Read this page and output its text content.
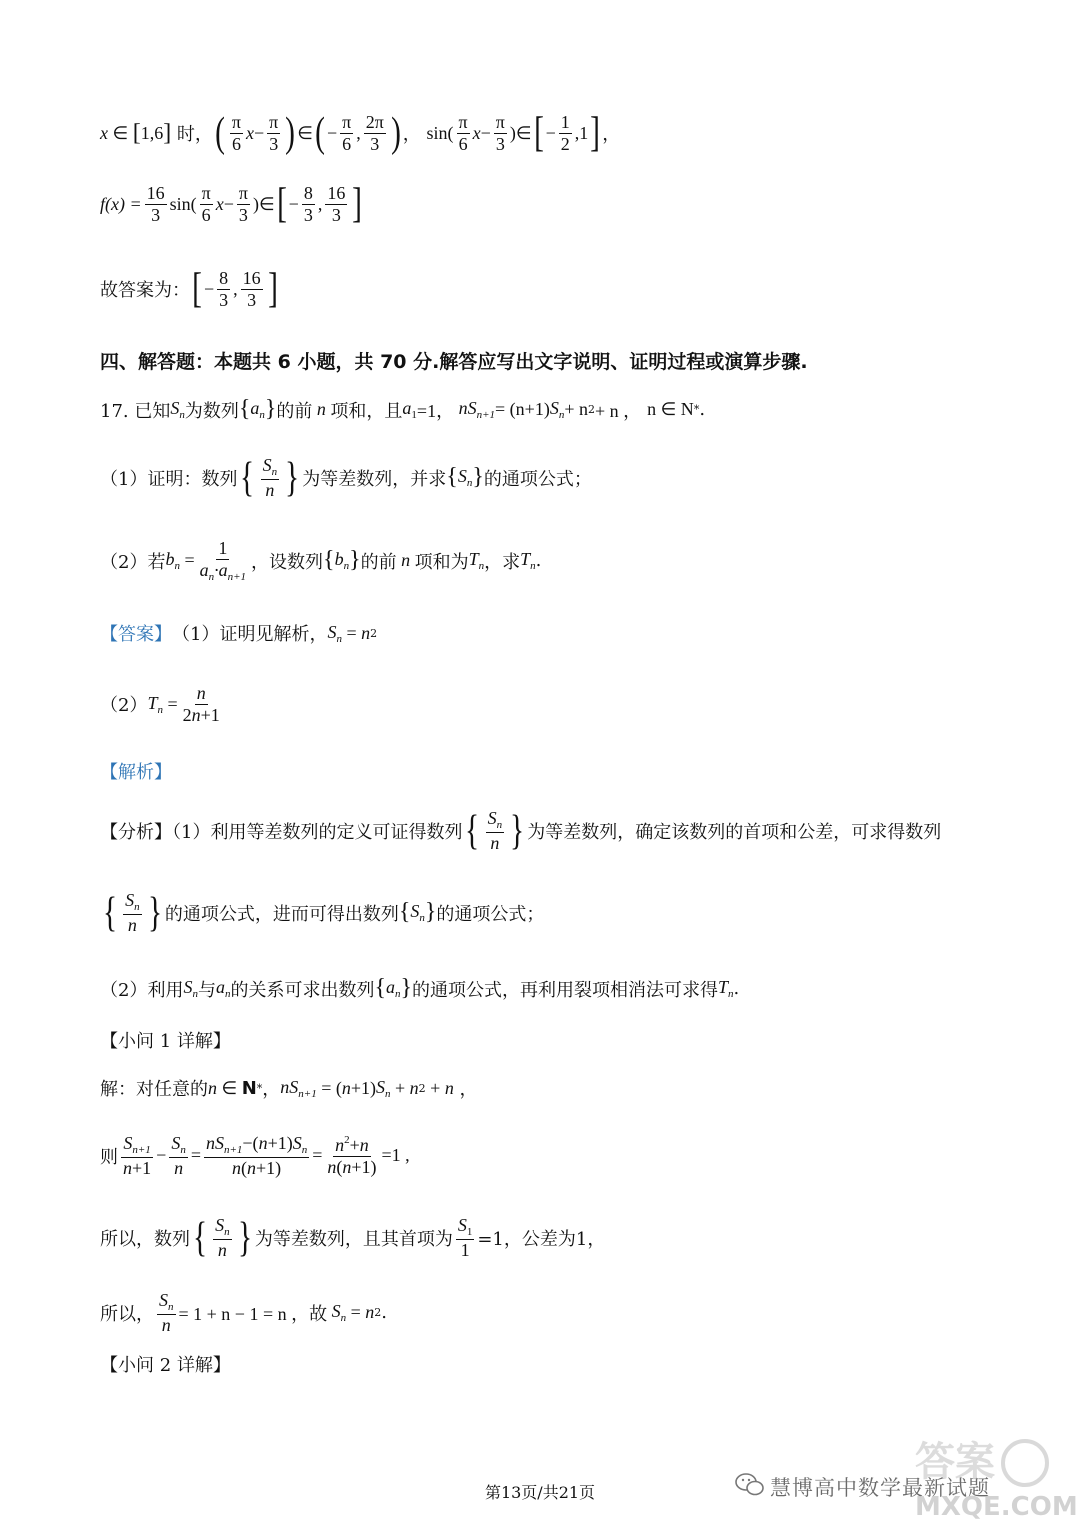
x ∈ [ 1,6 ] 时， ( $\frac{\pi}{6}$ $x - \frac{\pi}{3}$ ) ∈ ( − $\frac{\pi}{6}$ , $\frac{2\pi}{3}$ ) ， $\sin( \frac{\pi}{6}$ $x - \frac{\pi}{3}$ ) ∈ [ − $\frac{1}{2} ,1$ ] ，
$f(x) = \frac{16}{3} \sin( \frac{\pi}{6}$ $x - \frac{\pi}{3}$ ) ∈ [ − $\frac{8}{3}$ , $\frac{16}{3}$ ]
故答案为： [ − $\frac{8}{3}$ , $\frac{16}{3}$ ]
四、解答题：本题共 6 小题，共 70 分.解答应写出文字说明、证明过程或演算步骤.
17. 已知 $S_n$ 为数列 { $a_n$ } 的前 n 项和，且 $a_1 =1$， $nS_{n+1} = (n+1) S_n + n$ 2 + n ， n ∈ N * .
（1）证明：数列 { $\frac{S_n}{n}$ } 为等差数列，并求 { $S_n$ } 的通项公式；
（2）若 $b_n = \frac{1}{a_n\cdot a_{n+1}}$ ，设数列 { $b_n$ } 的前 n 项和为 $T_n$ ，求 $T_n$ .
【答案】 （1）证明见解析， $S_n = n$ 2
（2） $T_n = \frac{n}{2n+1}$
【解析】
【分析】（1）利用等差数列的定义可证得数列 { $\frac{S_n}{n}$ } 为等差数列，确定该数列的首项和公差，可求得数列
{ $\frac{S_n}{n}$ } 的通项公式，进而可得出数列 { $S_n$ } 的通项公式；
（2）利用 $S_n$ 与 $a_n$ 的关系可求出数列 { $a_n$ } 的通项公式，再利用裂项相消法可求得 $T_n$ .
【小问 1 详解】
解：对任意的 n ∈ N * ， $nS_{n+1}$ = ( n +1) $S_n + n$ 2 + n ，
则 $\frac{S_{n+1}}{n+1} - \frac{S_n}{n} = \frac{nS_{n+1}-(n+1)S_n}{n(n+1)} = \frac{n^2+n}{n(n+1)} =1$ ,
所以，数列 { $\frac{S_n}{n}$ } 为等差数列，且其首项为 $\frac{S_1}{1} =1$，公差为1，
所以， $\frac{S_n}{n} = 1 + n - 1 = n$ ，故 $S_n = n$ 2 .
【小问 2 详解】
第13页/共21页	慧博高中数学最新试题
答案
MXQE.COM
